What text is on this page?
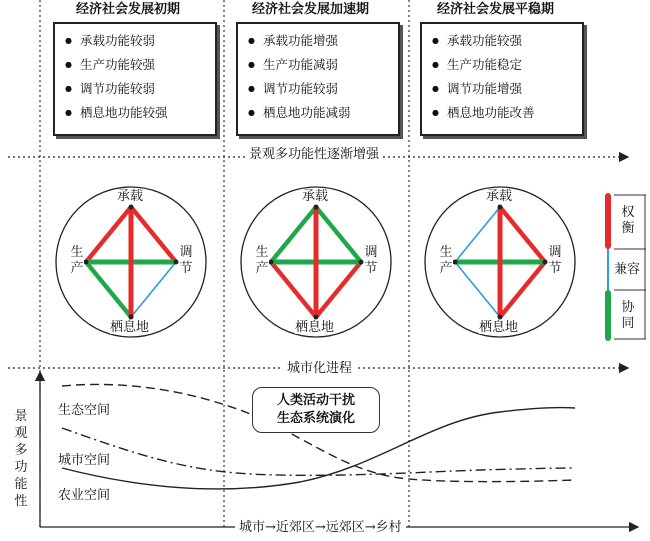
经济社会发展初期	经济社会发展加速期	经济社会发展平稳期
● 承载功能较弱
● 生产功能较强
● 调节功能较弱
● 栖息地功能较强
● 承载功能增强
● 生产功能减弱
● 调节功能较弱
● 栖息地功能减弱
● 承载功能较强
● 生产功能稳定
● 调节功能增强
● 栖息地功能改善
景观多功能性逐渐增强
城市化进程
城市→近郊区→远郊区→乡村
承载
栖息地
生
产
调
节
承载
栖息地
生
产
调
节
承载
栖息地
生
产
调
节
权
衡
兼容
协
同
景
观
多
功
能
性
生态空间
城市空间
农业空间
人类活动干扰
生态系统演化
